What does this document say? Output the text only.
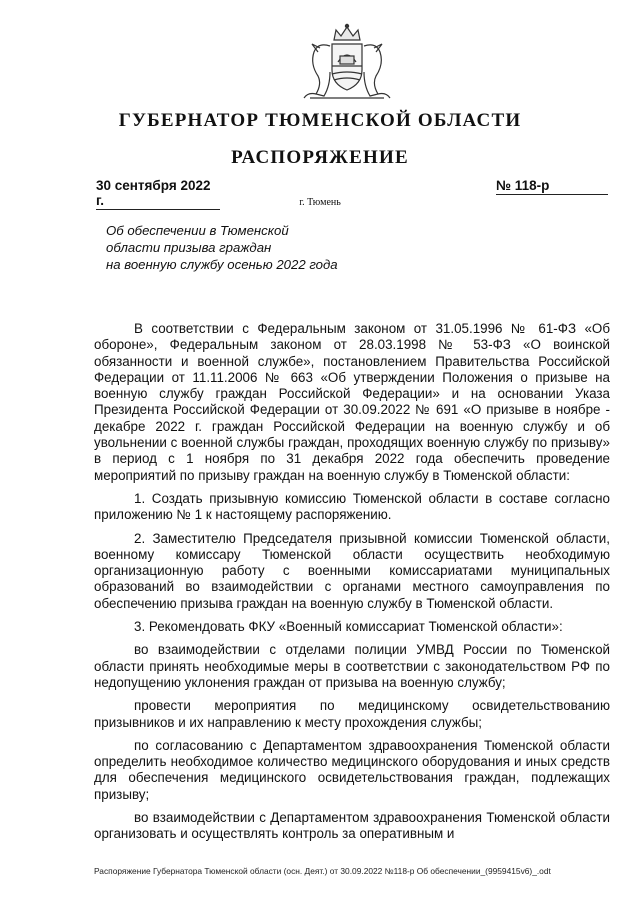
ГУБЕРНАТОР ТЮМЕНСКОЙ ОБЛАСТИ
РАСПОРЯЖЕНИЕ
30 сентября 2022 г.
№ 118-р
г. Тюмень
Об обеспечении в Тюменской
области призыва граждан
на военную службу осенью 2022 года

В соответствии с Федеральным законом от 31.05.1996 № 61-ФЗ «Об обороне», Федеральным законом от 28.03.1998 № 53-ФЗ «О воинской обязанности и военной службе», постановлением Правительства Российской Федерации от 11.11.2006 № 663 «Об утверждении Положения о призыве на военную службу граждан Российской Федерации» и на основании Указа Президента Российской Федерации от 30.09.2022 № 691 «О призыве в ноябре - декабре 2022 г. граждан Российской Федерации на военную службу и об увольнении с военной службы граждан, проходящих военную службу по призыву» в период с 1 ноября по 31 декабря 2022 года обеспечить проведение мероприятий по призыву граждан на военную службу в Тюменской области:

1. Создать призывную комиссию Тюменской области в составе согласно приложению № 1 к настоящему распоряжению.

2. Заместителю Председателя призывной комиссии Тюменской области, военному комиссару Тюменской области осуществить необходимую организационную работу с военными комиссариатами муниципальных образований во взаимодействии с органами местного самоуправления по обеспечению призыва граждан на военную службу в Тюменской области.

3. Рекомендовать ФКУ «Военный комиссариат Тюменской области»:

во взаимодействии с отделами полиции УМВД России по Тюменской области принять необходимые меры в соответствии с законодательством РФ по недопущению уклонения граждан от призыва на военную службу;

провести мероприятия по медицинскому освидетельствованию призывников и их направлению к месту прохождения службы;

по согласованию с Департаментом здравоохранения Тюменской области определить необходимое количество медицинского оборудования и иных средств для обеспечения медицинского освидетельствования граждан, подлежащих призыву;

во взаимодействии с Департаментом здравоохранения Тюменской области организовать и осуществлять контроль за оперативным и

Распоряжение Губернатора Тюменской области (осн. Деят.) от 30.09.2022 №118-р Об обеспечении_(9959415v6)_.odt
